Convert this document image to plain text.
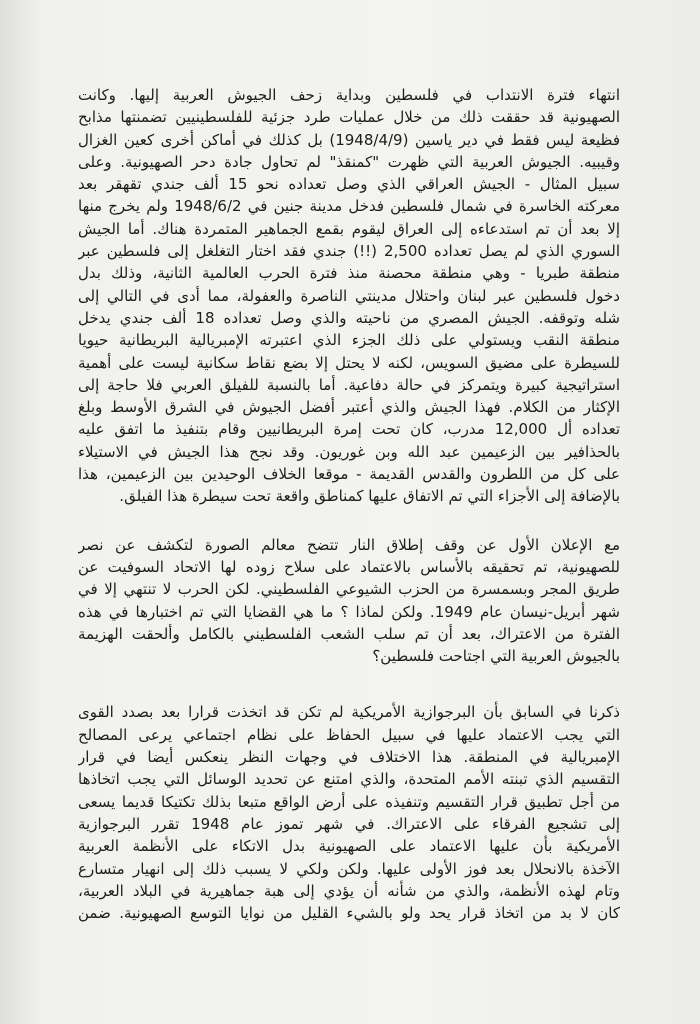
انتهاء فترة الانتداب في فلسطين وبداية زحف الجيوش العربية إليها. وكانت

الصهيونية قد حققت ذلك من خلال عمليات طرد جزئية للفلسطينيين تضمنتها مذابح

فظيعة ليس فقط في دير ياسين (1948/4/9) بل كذلك في أماكن أخرى كعين الغزال

وقيبيه. الجيوش العربية التي ظهرت "كمنقذ" لم تحاول جادة دحر الصهيونية. وعلى

سبيل المثال - الجيش العراقي الذي وصل تعداده نحو 15 ألف جندي تقهقر بعد

معركته الخاسرة في شمال فلسطين فدخل مدينة جنين في 1948/6/2 ولم يخرج منها

إلا بعد أن تم استدعاءه إلى العراق ليقوم بقمع الجماهير المتمردة هناك. أما الجيش

السوري الذي لم يصل تعداده 2,500 (!!) جندي فقد اختار التغلغل إلى فلسطين عبر

منطقة طبريا - وهي منطقة محصنة منذ فترة الحرب العالمية الثانية، وذلك بدل

دخول فلسطين عبر لبنان واحتلال مدينتي الناصرة والعفولة، مما أدى في التالي إلى

شله وتوقفه. الجيش المصري من ناحيته والذي وصل تعداده 18 ألف جندي يدخل

منطقة النقب ويستولي على ذلك الجزء الذي اعتبرته الإمبريالية البريطانية حيويا

للسيطرة على مضيق السويس، لكنه لا يحتل إلا بضع نقاط سكانية ليست على أهمية

استراتيجية كبيرة ويتمركز في حالة دفاعية. أما بالنسبة للفيلق العربي فلا حاجة إلى

الإكثار من الكلام. فهذا الجيش والذي أعتبر أفضل الجيوش في الشرق الأوسط وبلغ

تعداده أل 12,000 مدرب، كان تحت إمرة البريطانيين وقام بتنفيذ ما اتفق عليه

بالحذافير بين الزعيمين عبد الله وبن غوريون. وقد نجح هذا الجيش في الاستيلاء

على كل من اللطرون والقدس القديمة - موقعا الخلاف الوحيدين بين الزعيمين، هذا

بالإضافة إلى الأجزاء التي تم الاتفاق عليها كمناطق واقعة تحت سيطرة هذا الفيلق.

مع الإعلان الأول عن وقف إطلاق النار تتضح معالم الصورة لتكشف عن نصر

للصهيونية، تم تحقيقه بالأساس بالاعتماد على سلاح زوده لها الاتحاد السوفيت عن

طريق المجر وبسمسرة من الحزب الشيوعي الفلسطيني. لكن الحرب لا تنتهي إلا في

شهر أبريل-نيسان عام 1949. ولكن لماذا ؟ ما هي القضايا التي تم اختبارها في هذه

الفترة من الاعتراك، بعد أن تم سلب الشعب الفلسطيني بالكامل وألحقت الهزيمة

بالجيوش العربية التي اجتاحت فلسطين؟

ذكرنا في السابق بأن البرجوازية الأمريكية لم تكن قد اتخذت قرارا بعد بصدد القوى

التي يجب الاعتماد عليها في سبيل الحفاظ على نظام اجتماعي يرعى المصالح

الإمبريالية في المنطقة. هذا الاختلاف في وجهات النظر ينعكس أيضا في قرار

التقسيم الذي تبنته الأمم المتحدة، والذي امتنع عن تحديد الوسائل التي يجب اتخاذها

من أجل تطبيق قرار التقسيم وتنفيذه على أرض الواقع متبعا بذلك تكتيكا قديما يسعى

إلى تشجيع الفرقاء على الاعتراك. في شهر تموز عام 1948 تقرر البرجوازية

الأمريكية بأن عليها الاعتماد على الصهيونية بدل الاتكاء على الأنظمة العربية

الآخذة بالانحلال بعد فوز الأولى عليها. ولكن ولكي لا يسبب ذلك إلى انهيار متسارع

وتام لهذه الأنظمة، والذي من شأنه أن يؤدي إلى هبة جماهيرية في البلاد العربية،

كان لا بد من اتخاذ قرار يحد ولو بالشيء القليل من نوايا التوسع الصهيونية. ضمن
